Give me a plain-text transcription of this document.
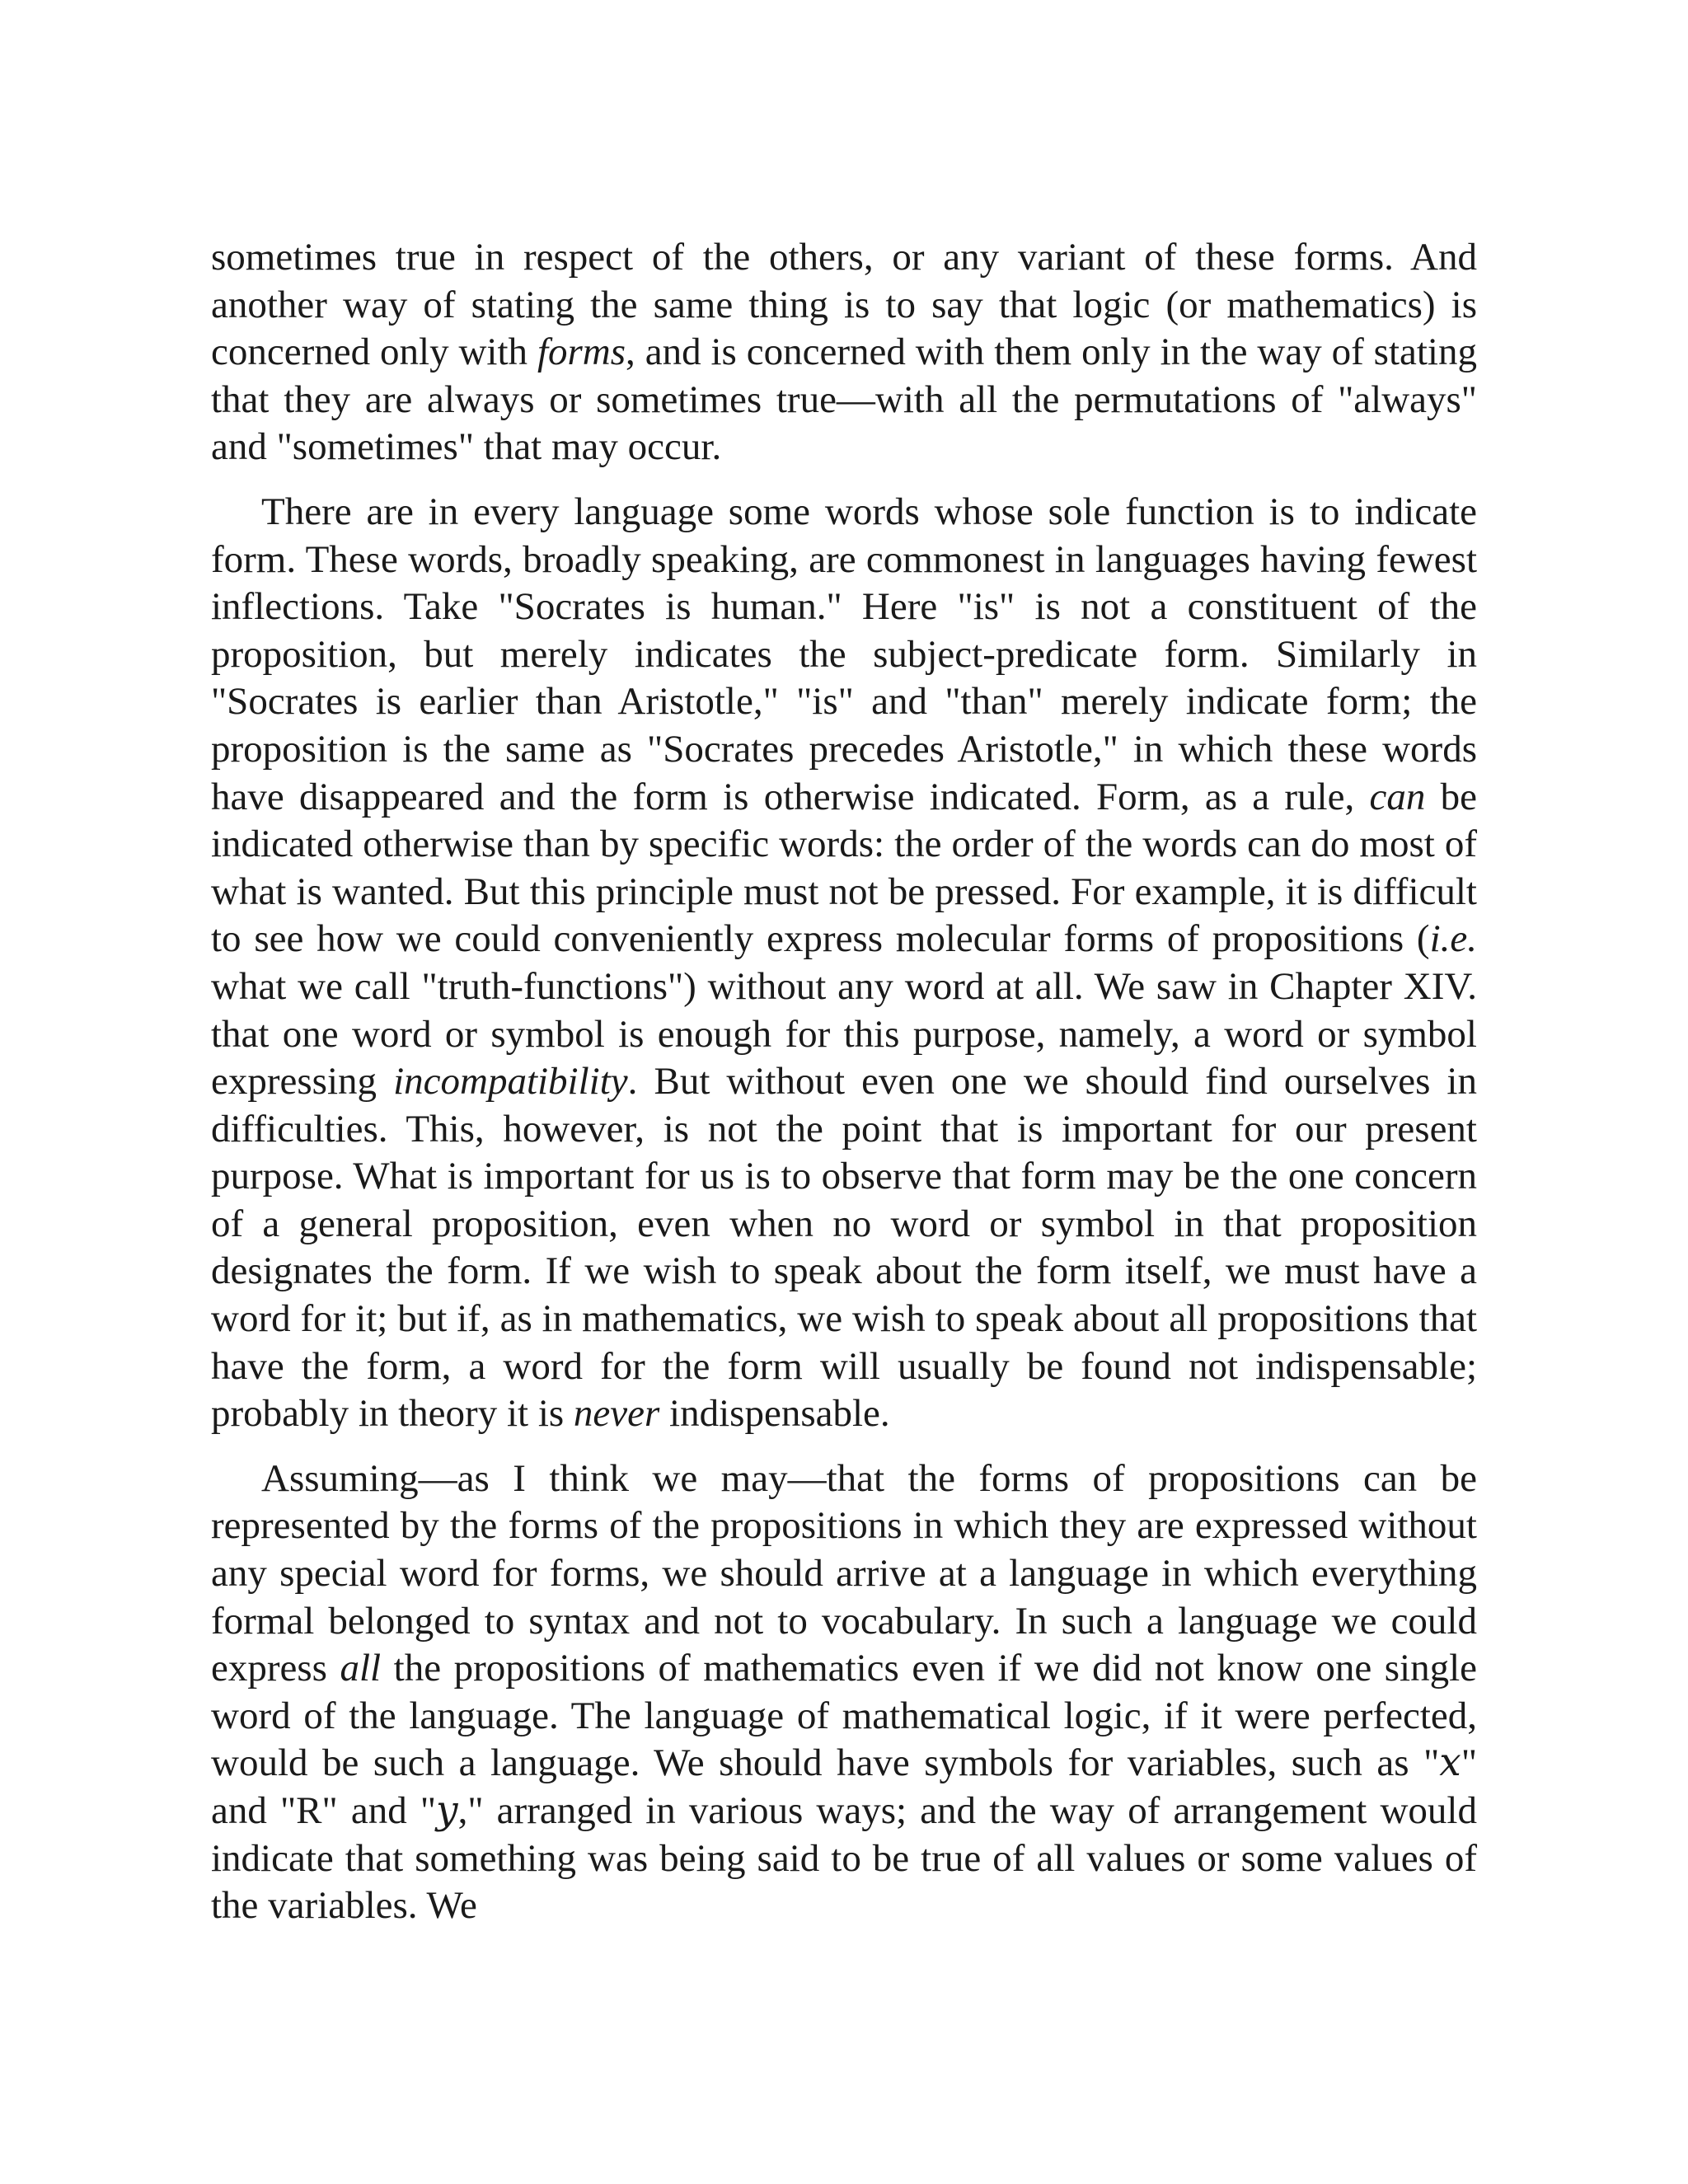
sometimes true in respect of the others, or any variant of these forms. And another way of stating the same thing is to say that logic (or mathematics) is concerned only with forms, and is concerned with them only in the way of stating that they are always or sometimes true—with all the permutations of "always" and "sometimes" that may occur.

There are in every language some words whose sole function is to indicate form. These words, broadly speaking, are commonest in languages having fewest inflections. Take "Socrates is human." Here "is" is not a constituent of the proposition, but merely indicates the subject-predicate form. Similarly in "Socrates is earlier than Aristotle," "is" and "than" merely indicate form; the proposition is the same as "Socrates precedes Aristotle," in which these words have disappeared and the form is otherwise indicated. Form, as a rule, can be indicated otherwise than by specific words: the order of the words can do most of what is wanted. But this principle must not be pressed. For example, it is difficult to see how we could conveniently express molecular forms of propositions (i.e. what we call "truth-functions") without any word at all. We saw in Chapter XIV. that one word or symbol is enough for this purpose, namely, a word or symbol expressing incompatibility. But without even one we should find ourselves in difficulties. This, however, is not the point that is important for our present purpose. What is important for us is to observe that form may be the one concern of a general proposition, even when no word or symbol in that proposition designates the form. If we wish to speak about the form itself, we must have a word for it; but if, as in mathematics, we wish to speak about all propositions that have the form, a word for the form will usually be found not indispensable; probably in theory it is never indispensable.

Assuming—as I think we may—that the forms of propositions can be represented by the forms of the propositions in which they are expressed without any special word for forms, we should arrive at a language in which everything formal belonged to syntax and not to vocabulary. In such a language we could express all the propositions of mathematics even if we did not know one single word of the language. The language of mathematical logic, if it were perfected, would be such a language. We should have symbols for variables, such as "𝑥" and "R" and "𝑦," arranged in various ways; and the way of arrangement would indicate that something was being said to be true of all values or some values of the variables. We
